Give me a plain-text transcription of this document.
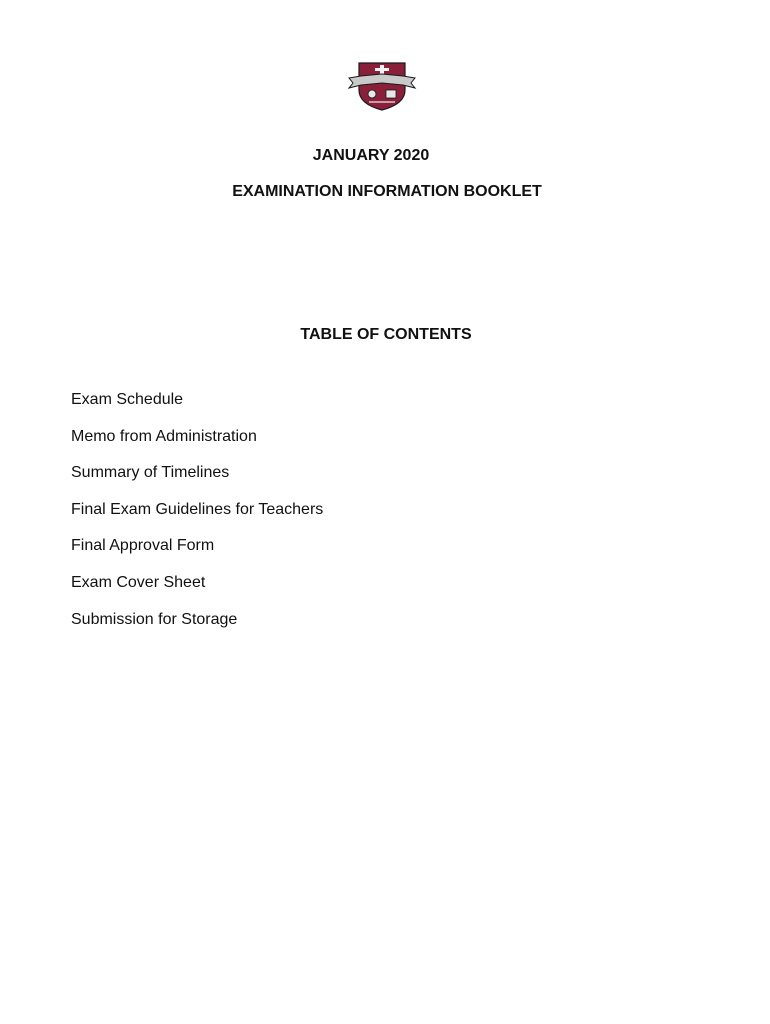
JANUARY 2020
EXAMINATION INFORMATION BOOKLET
TABLE OF CONTENTS
Exam Schedule
Memo from Administration
Summary of Timelines
Final Exam Guidelines for Teachers
Final Approval Form
Exam Cover Sheet
Submission for Storage
